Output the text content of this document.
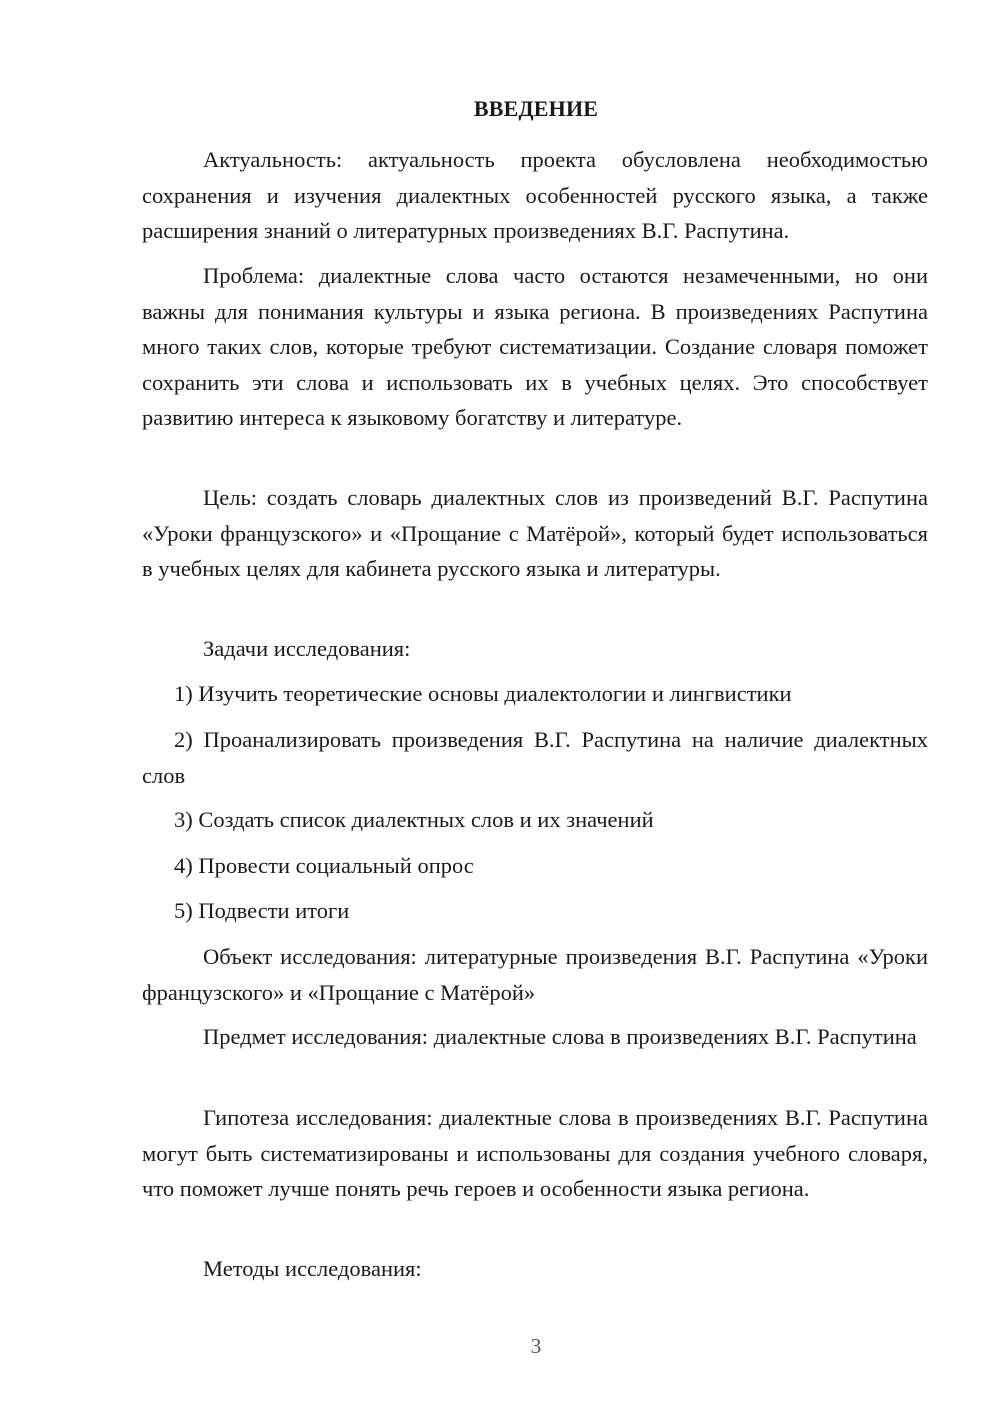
ВВЕДЕНИЕ

Актуальность: актуальность проекта обусловлена необходимостью сохранения и изучения диалектных особенностей русского языка, а также расширения знаний о литературных произведениях В.Г. Распутина.

Проблема: диалектные слова часто остаются незамеченными, но они важны для понимания культуры и языка региона. В произведениях Распутина много таких слов, которые требуют систематизации. Создание словаря поможет сохранить эти слова и использовать их в учебных целях. Это способствует развитию интереса к языковому богатству и литературе.

Цель: создать словарь диалектных слов из произведений В.Г. Распутина «Уроки французского» и «Прощание с Матёрой», который будет использоваться в учебных целях для кабинета русского языка и литературы.

Задачи исследования:

1) Изучить теоретические основы диалектологии и лингвистики

2) Проанализировать произведения В.Г. Распутина на наличие диалектных слов

3) Создать список диалектных слов и их значений

4) Провести социальный опрос

5) Подвести итоги

Объект исследования: литературные произведения В.Г. Распутина «Уроки французского» и «Прощание с Матёрой»

Предмет исследования: диалектные слова в произведениях В.Г. Распутина

Гипотеза исследования: диалектные слова в произведениях В.Г. Распутина могут быть систематизированы и использованы для создания учебного словаря, что поможет лучше понять речь героев и особенности языка региона.

Методы исследования:

3
